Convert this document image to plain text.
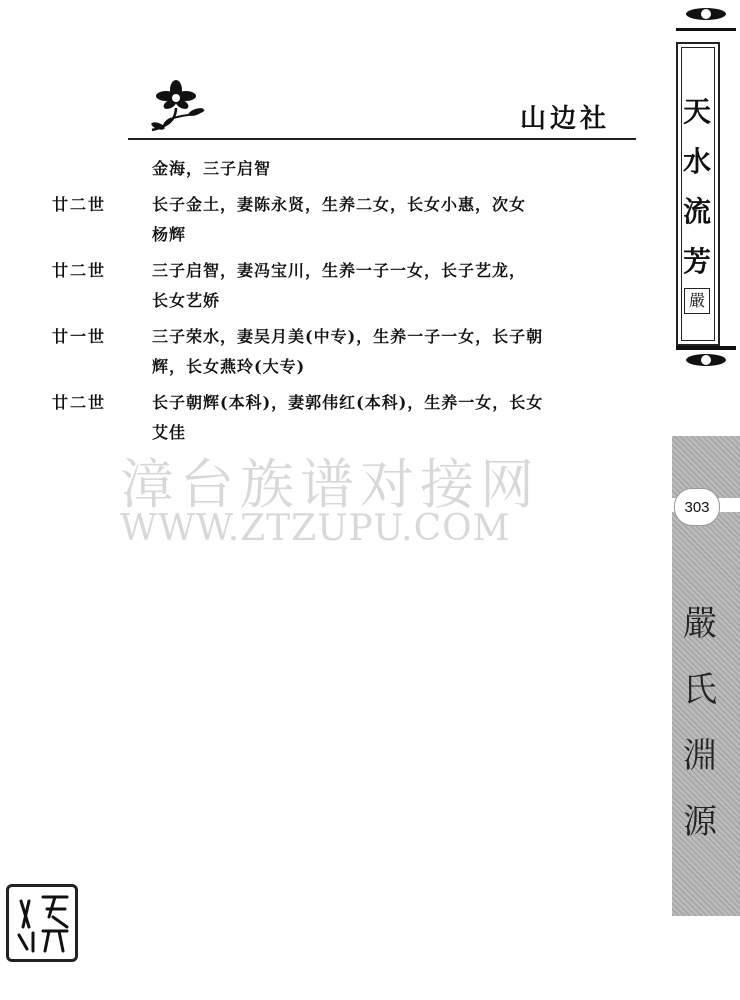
山边社
金海，三子启智
廿二世	长子金土，妻陈永贤，生养二女，长女小惠，次女
杨辉
廿二世	三子启智，妻冯宝川，生养一子一女，长子艺龙，
长女艺娇
廿一世	三子荣水，妻吴月美(中专)，生养一子一女，长子朝
辉，长女燕玲(大专)
廿二世	长子朝辉(本科)，妻郭伟红(本科)，生养一女，长女
艾佳
漳台族谱对接网
WWW.ZTZUPU.COM
天
水
流
芳
嚴
303
嚴
氏
淵
源
